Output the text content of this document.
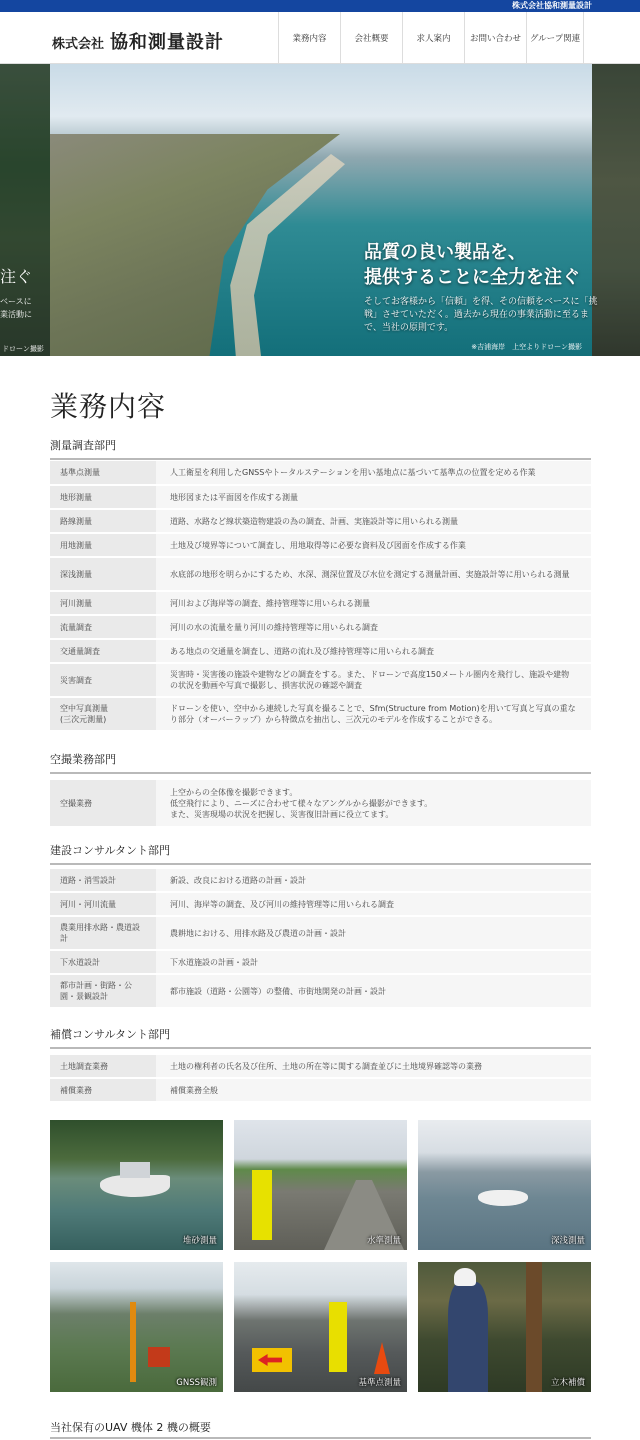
株式会社協和測量設計
株式会社 協和測量設計	業務内容	会社概要	求人案内	お問い合わせ	グループ関連
注ぐ
ベースに
業活動に
ドローン撮影
品質の良い製品を、
提供することに全力を注ぐ
そしてお客様から「信頼」を得、その信頼をベースに「挑戦」させていただく。過去から現在の事業活動に至るまで、当社の原則です。
※吉浦海岸　上空よりドローン撮影
業務内容
測量調査部門
基準点測量	人工衛星を利用したGNSSやトータルステーションを用い基地点に基づいて基準点の位置を定める作業
地形測量	地形図または平面図を作成する測量
路線測量	道路、水路など線状築造物建設の為の調査、計画、実施設計等に用いられる測量
用地測量	土地及び境界等について調査し、用地取得等に必要な資料及び図面を作成する作業
深浅測量	水底部の地形を明らかにするため、水深、測深位置及び水位を測定する測量計画、実施設計等に用いられる測量
河川測量	河川および海岸等の調査、維持管理等に用いられる測量
流量調査	河川の水の流量を量り河川の維持管理等に用いられる調査
交通量調査	ある地点の交通量を調査し、道路の流れ及び維持管理等に用いられる調査
災害調査	災害時・災害後の施設や建物などの調査をする。また、ドローンで高度150メートル圏内を飛行し、施設や建物の状況を動画や写真で撮影し、損害状況の確認や調査
空中写真測量
(三次元測量)	ドローンを使い、空中から連続した写真を撮ることで、Sfm(Structure from Motion)を用いて写真と写真の重なり部分（オーバーラップ）から特徴点を抽出し、三次元のモデルを作成することができる。
空撮業務部門
空撮業務	上空からの全体像を撮影できます。
低空飛行により、ニーズに合わせて様々なアングルから撮影ができます。
また、災害現場の状況を把握し、災害復旧計画に役立てます。
建設コンサルタント部門
道路・消雪設計	新設、改良における道路の計画・設計
河川・河川流量	河川、海岸等の調査、及び河川の維持管理等に用いられる調査
農業用排水路・農道設計	農耕地における、用排水路及び農道の計画・設計
下水道設計	下水道施設の計画・設計
都市計画・街路・公園・景観設計	都市施設（道路・公園等）の整備、市街地開発の計画・設計
補償コンサルタント部門
土地調査業務	土地の権利者の氏名及び住所、土地の所在等に関する調査並びに土地境界確認等の業務
補償業務	補償業務全般
堆砂測量	水準測量	深浅測量
GNSS観測	基準点測量	立木補償
当社保有のUAV 機体 2 機の概要
